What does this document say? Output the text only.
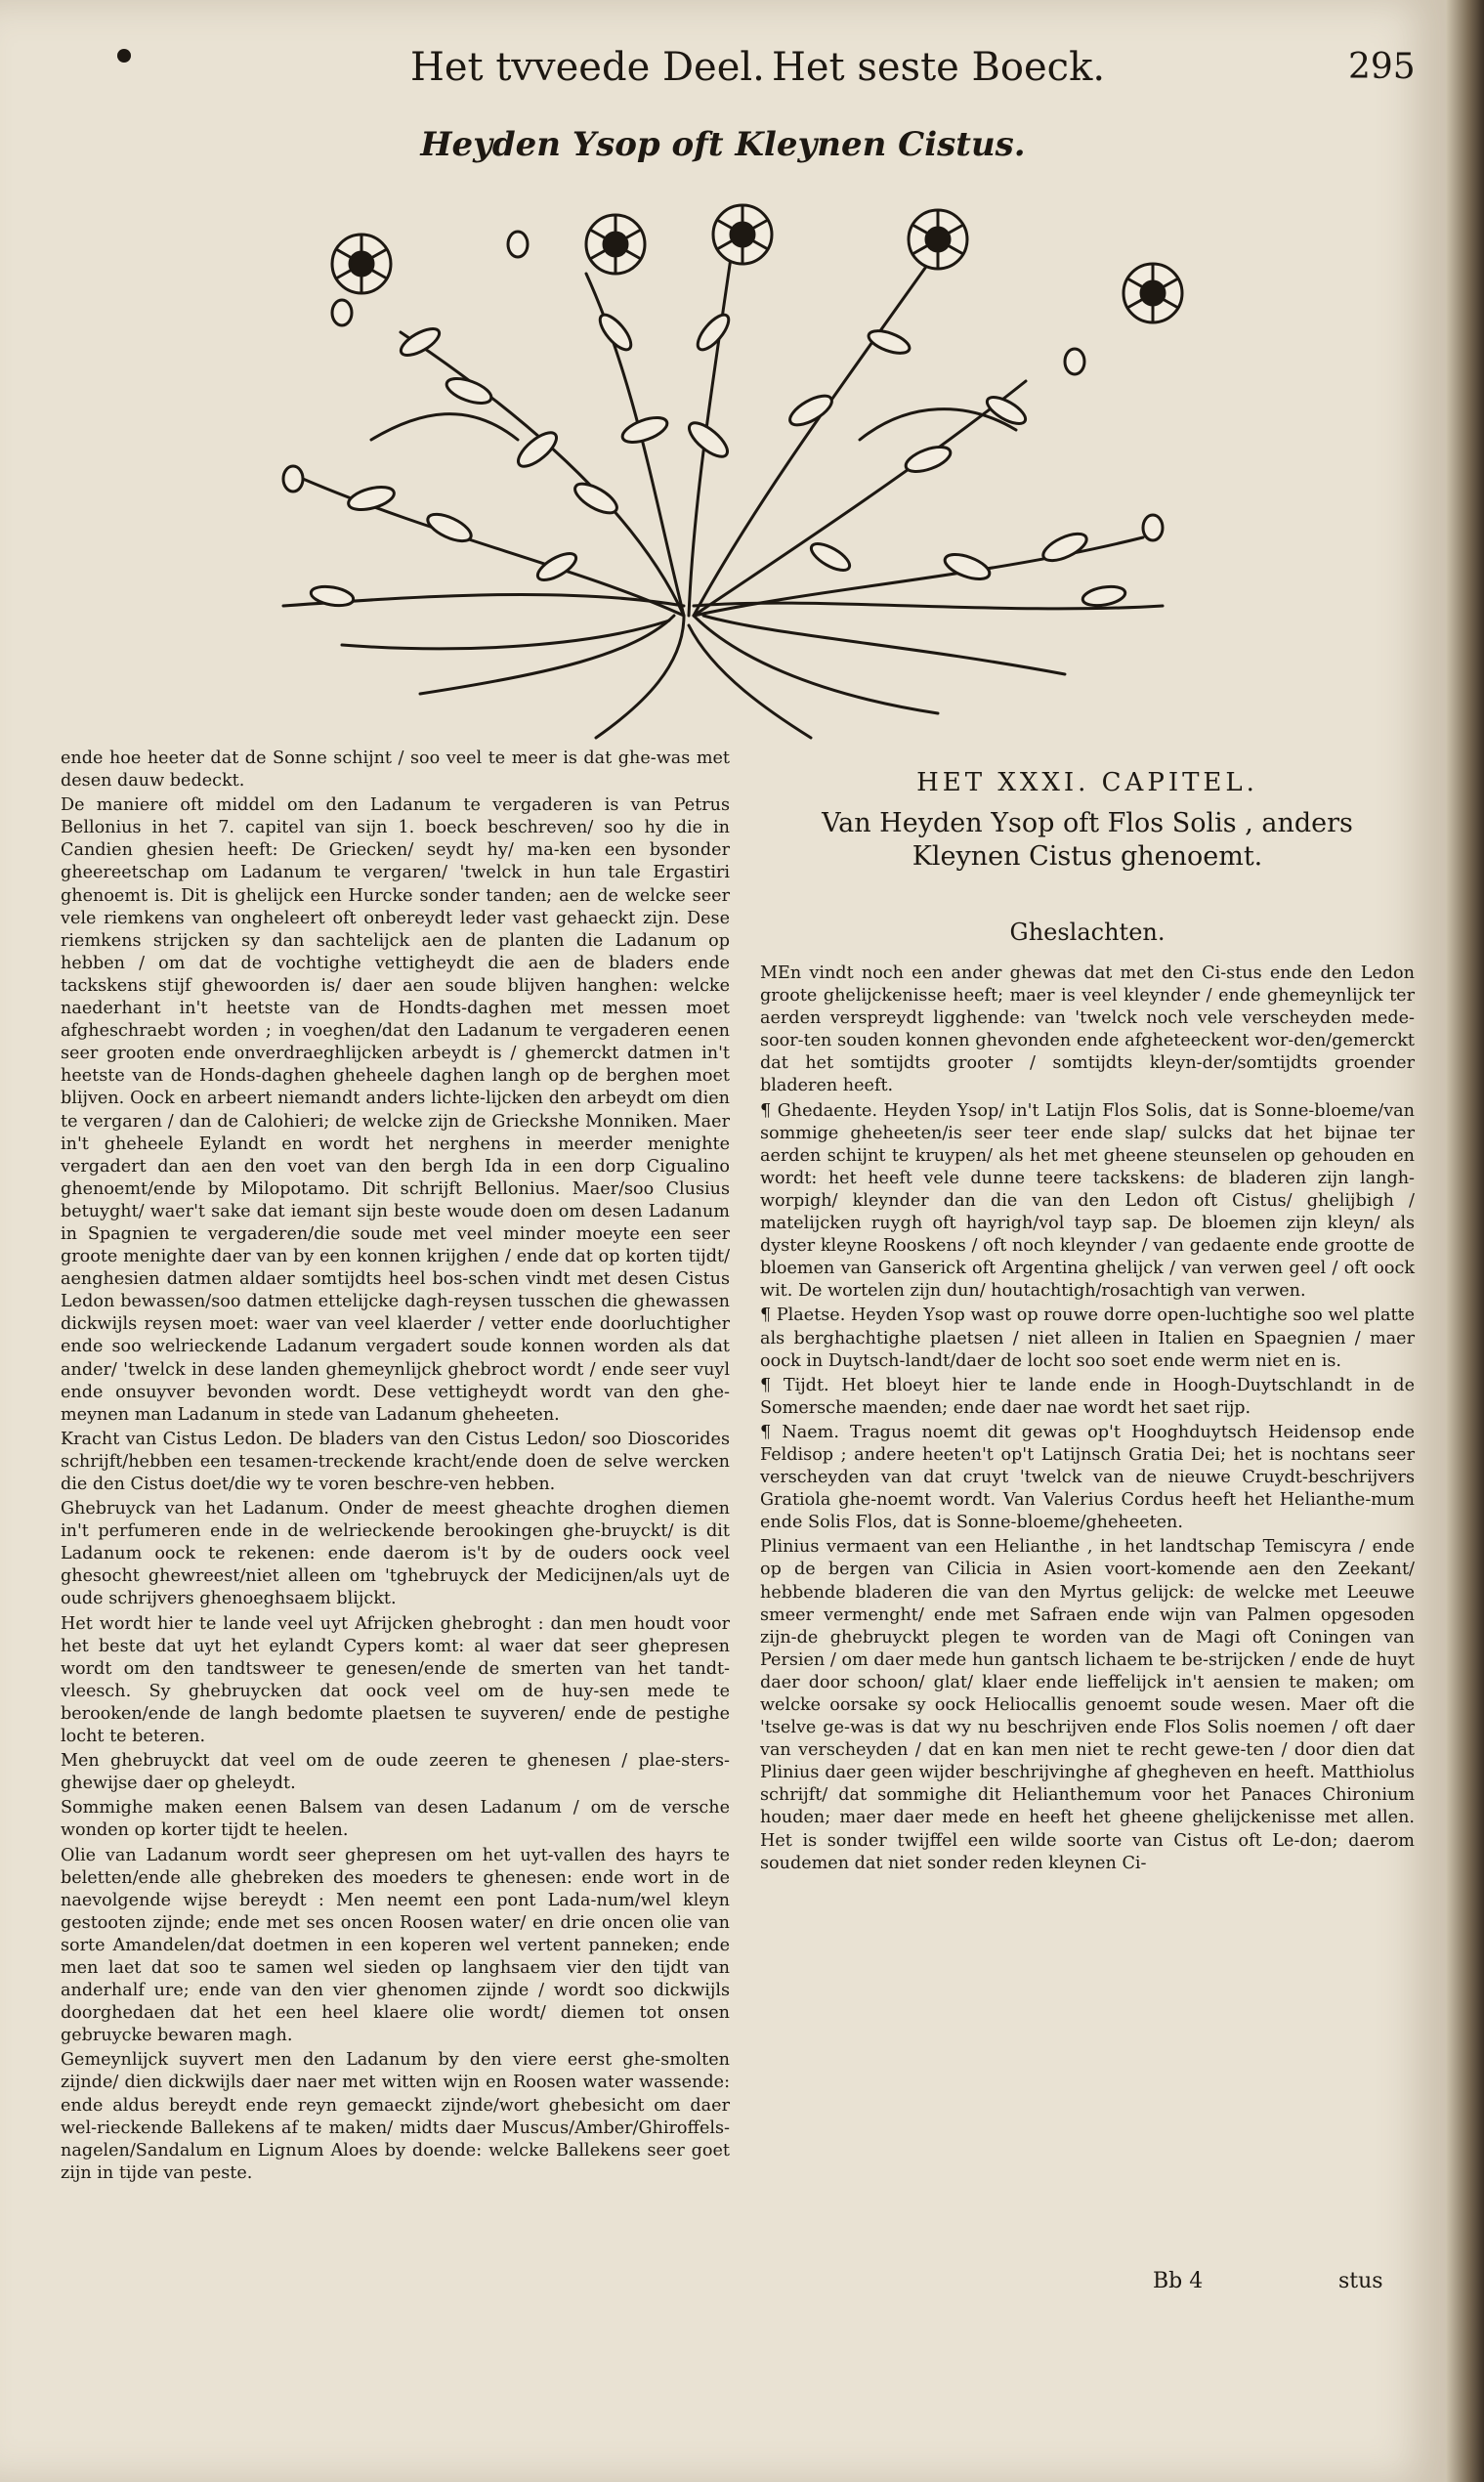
Het tvveede Deel. Het seste Boeck.	295
Heyden Ysop oft Kleynen Cistus.

ende hoe heeter dat de Sonne schijnt / soo veel te meer is dat ghe-was met desen dauw bedeckt.

De maniere oft middel om den Ladanum te vergaderen is van Petrus Bellonius in het 7. capitel van sijn 1. boeck beschreven/ soo hy die in Candien ghesien heeft: De Griecken/ seydt hy/ ma-ken een bysonder gheereetschap om Ladanum te vergaren/ 'twelck in hun tale Ergastiri ghenoemt is. Dit is ghelijck een Hurcke sonder tanden; aen de welcke seer vele riemkens van ongheleert oft onbereydt leder vast gehaeckt zijn. Dese riemkens strijcken sy dan sachtelijck aen de planten die Ladanum op hebben / om dat de vochtighe vettigheydt die aen de bladers ende tackskens stijf ghewoorden is/ daer aen soude blijven hanghen: welcke naederhant in't heetste van de Hondts-daghen met messen moet afgheschraebt worden ; in voeghen/dat den Ladanum te vergaderen eenen seer grooten ende onverdraeghlijcken arbeydt is / ghemerckt datmen in't heetste van de Honds-daghen gheheele daghen langh op de berghen moet blijven. Oock en arbeert niemandt anders lichte-lijcken den arbeydt om dien te vergaren / dan de Calohieri; de welcke zijn de Grieckshe Monniken. Maer in't gheheele Eylandt en wordt het nerghens in meerder menighte vergadert dan aen den voet van den bergh Ida in een dorp Cigualino ghenoemt/ende by Milopotamo. Dit schrijft Bellonius. Maer/soo Clusius betuyght/ waer't sake dat iemant sijn beste woude doen om desen Ladanum in Spagnien te vergaderen/die soude met veel minder moeyte een seer groote menighte daer van by een konnen krijghen / ende dat op korten tijdt/ aenghesien datmen aldaer somtijdts heel bos-schen vindt met desen Cistus Ledon bewassen/soo datmen ettelijcke dagh-reysen tusschen die ghewassen dickwijls reysen moet: waer van veel klaerder / vetter ende doorluchtigher ende soo welrieckende Ladanum vergadert soude konnen worden als dat ander/ 'twelck in dese landen ghemeynlijck ghebroct wordt / ende seer vuyl ende onsuyver bevonden wordt. Dese vettigheydt wordt van den ghe-meynen man Ladanum in stede van Ladanum gheheeten.

Kracht van Cistus Ledon. De bladers van den Cistus Ledon/ soo Dioscorides schrijft/hebben een tesamen-treckende kracht/ende doen de selve wercken die den Cistus doet/die wy te voren beschre-ven hebben.

Ghebruyck van het Ladanum. Onder de meest gheachte droghen diemen in't perfumeren ende in de welrieckende berookingen ghe-bruyckt/ is dit Ladanum oock te rekenen: ende daerom is't by de ouders oock veel ghesocht ghewreest/niet alleen om 'tghebruyck der Medicijnen/als uyt de oude schrijvers ghenoeghsaem blijckt.

Het wordt hier te lande veel uyt Afrijcken ghebroght : dan men houdt voor het beste dat uyt het eylandt Cypers komt: al waer dat seer ghepresen wordt om den tandtsweer te genesen/ende de smerten van het tandt-vleesch. Sy ghebruycken dat oock veel om de huy-sen mede te berooken/ende de langh bedomte plaetsen te suyveren/ ende de pestighe locht te beteren.

Men ghebruyckt dat veel om de oude zeeren te ghenesen / plae-sters-ghewijse daer op gheleydt.

Sommighe maken eenen Balsem van desen Ladanum / om de versche wonden op korter tijdt te heelen.

Olie van Ladanum wordt seer ghepresen om het uyt-vallen des hayrs te beletten/ende alle ghebreken des moeders te ghenesen: ende wort in de naevolgende wijse bereydt : Men neemt een pont Lada-num/wel kleyn gestooten zijnde; ende met ses oncen Roosen water/ en drie oncen olie van sorte Amandelen/dat doetmen in een koperen wel vertent panneken; ende men laet dat soo te samen wel sieden op langhsaem vier den tijdt van anderhalf ure; ende van den vier ghenomen zijnde / wordt soo dickwijls doorghedaen dat het een heel klaere olie wordt/ diemen tot onsen gebruycke bewaren magh.

Gemeynlijck suyvert men den Ladanum by den viere eerst ghe-smolten zijnde/ dien dickwijls daer naer met witten wijn en Roosen water wassende: ende aldus bereydt ende reyn gemaeckt zijnde/wort ghebesicht om daer wel-rieckende Ballekens af te maken/ midts daer Muscus/Amber/Ghiroffels-nagelen/Sandalum en Lignum Aloes by doende: welcke Ballekens seer goet zijn in tijde van peste.

HET XXXI. CAPITEL.
Van Heyden Ysop oft Flos Solis , anders
Kleynen Cistus ghenoemt.
Gheslachten.

MEn vindt noch een ander ghewas dat met den Ci-stus ende den Ledon groote ghelijckenisse heeft; maer is veel kleynder / ende ghemeynlijck ter aerden verspreydt ligghende: van 'twelck noch vele verscheyden mede-soor-ten souden konnen ghevonden ende afgheteeckent wor-den/gemerckt dat het somtijdts grooter / somtijdts kleyn-der/somtijdts groender bladeren heeft.

¶ Ghedaente. Heyden Ysop/ in't Latijn Flos Solis, dat is Sonne-bloeme/van sommige gheheeten/is seer teer ende slap/ sulcks dat het bijnae ter aerden schijnt te kruypen/ als het met gheene steunselen op gehouden en wordt: het heeft vele dunne teere tackskens: de bladeren zijn langh-worpigh/ kleynder dan die van den Ledon oft Cistus/ ghelijbigh / matelijcken ruygh oft hayrigh/vol tayp sap. De bloemen zijn kleyn/ als dyster kleyne Rooskens / oft noch kleynder / van gedaente ende grootte de bloemen van Ganserick oft Argentina ghelijck / van verwen geel / oft oock wit. De wortelen zijn dun/ houtachtigh/rosachtigh van verwen.

¶ Plaetse. Heyden Ysop wast op rouwe dorre open-luchtighe soo wel platte als berghachtighe plaetsen / niet alleen in Italien en Spaegnien / maer oock in Duytsch-landt/daer de locht soo soet ende werm niet en is.

¶ Tijdt. Het bloeyt hier te lande ende in Hoogh-Duytschlandt in de Somersche maenden; ende daer nae wordt het saet rijp.

¶ Naem. Tragus noemt dit gewas op't Hooghduytsch Heidensop ende Feldisop ; andere heeten't op't Latijnsch Gratia Dei; het is nochtans seer verscheyden van dat cruyt 'twelck van de nieuwe Cruydt-beschrijvers Gratiola ghe-noemt wordt. Van Valerius Cordus heeft het Helianthe-mum ende Solis Flos, dat is Sonne-bloeme/gheheeten.

Plinius vermaent van een Helianthe , in het landtschap Temiscyra / ende op de bergen van Cilicia in Asien voort-komende aen den Zeekant/ hebbende bladeren die van den Myrtus gelijck: de welcke met Leeuwe smeer vermenght/ ende met Safraen ende wijn van Palmen opgesoden zijn-de ghebruyckt plegen te worden van de Magi oft Coningen van Persien / om daer mede hun gantsch lichaem te be-strijcken / ende de huyt daer door schoon/ glat/ klaer ende lieffelijck in't aensien te maken; om welcke oorsake sy oock Heliocallis genoemt soude wesen. Maer oft die 'tselve ge-was is dat wy nu beschrijven ende Flos Solis noemen / oft daer van verscheyden / dat en kan men niet te recht gewe-ten / door dien dat Plinius daer geen wijder beschrijvinghe af ghegheven en heeft. Matthiolus schrijft/ dat sommighe dit Helianthemum voor het Panaces Chironium houden; maer daer mede en heeft het gheene ghelijckenisse met allen. Het is sonder twijffel een wilde soorte van Cistus oft Le-don; daerom soudemen dat niet sonder reden kleynen Ci-

Bb 4	stus
